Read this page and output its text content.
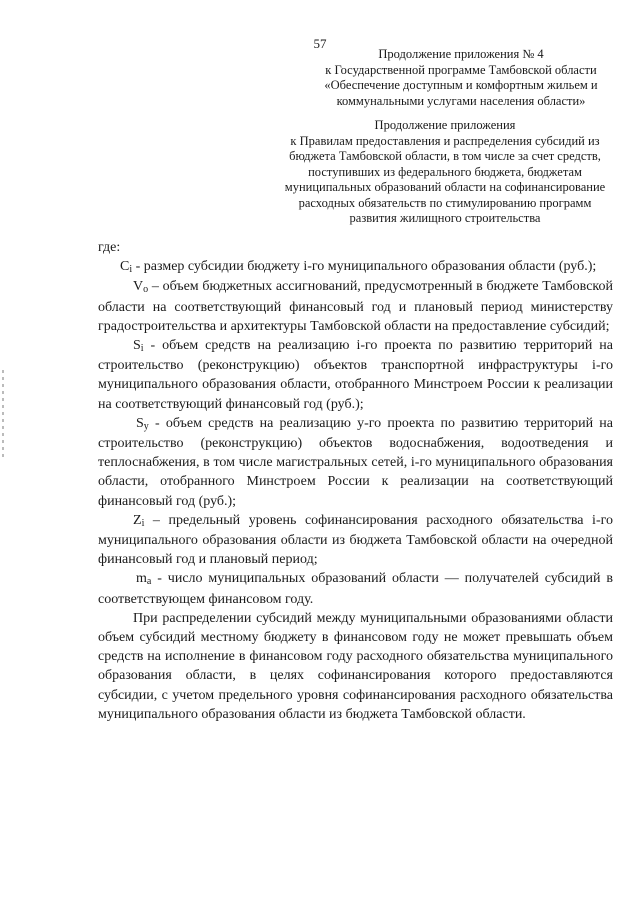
57
Продолжение приложения № 4
к Государственной программе Тамбовской области
«Обеспечение доступным и комфортным жильем и
коммунальными услугами населения области»
Продолжение приложения
к Правилам предоставления и распределения субсидий из
бюджета Тамбовской области, в том числе за счет средств,
поступивших из федерального бюджета, бюджетам
муниципальных образований области на софинансирование
расходных обязательств по стимулированию программ
развития жилищного строительства

где:

Ci - размер субсидии бюджету i-го муниципального образования области (руб.);

Vo – объем бюджетных ассигнований, предусмотренный в бюджете Тамбовской области на соответствующий финансовый год и плановый период министерству градостроительства и архитектуры Тамбовской области на предоставление субсидий;

Si - объем средств на реализацию i-го проекта по развитию территорий на строительство (реконструкцию) объектов транспортной инфраструктуры i-го муниципального образования области, отобранного Минстроем России к реализации на соответствующий финансовый год (руб.);

Sy - объем средств на реализацию у-го проекта по развитию территорий на строительство (реконструкцию) объектов водоснабжения, водоотведения и теплоснабжения, в том числе магистральных сетей, i-го муниципального образования области, отобранного Минстроем России к реализации на соответствующий финансовый год (руб.);

Zi – предельный уровень софинансирования расходного обязательства i-го муниципального образования области из бюджета Тамбовской области на очередной финансовый год и плановый период;

ma - число муниципальных образований области — получателей субсидий в соответствующем финансовом году.

При распределении субсидий между муниципальными образованиями области объем субсидий местному бюджету в финансовом году не может превышать объем средств на исполнение в финансовом году расходного обязательства муниципального образования области, в целях софинансирования которого предоставляются субсидии, с учетом предельного уровня софинансирования расходного обязательства муниципального образования области из бюджета Тамбовской области.
